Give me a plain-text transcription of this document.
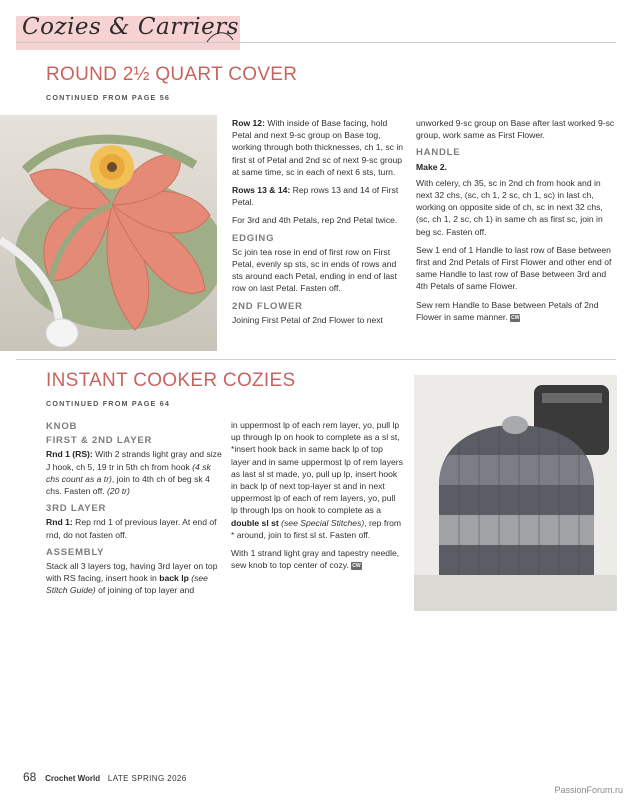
Cozies & Carriers
ROUND 2½ QUART COVER
CONTINUED FROM PAGE 56

Row 12: With inside of Base facing, hold Petal and next 9-sc group on Base tog, working through both thicknesses, ch 1, sc in first st of Petal and 2nd sc of next 9-sc group at same time, sc in each of next 6 sts, turn.

Rows 13 & 14: Rep rows 13 and 14 of First Petal.

For 3rd and 4th Petals, rep 2nd Petal twice.

EDGING

Sc join tea rose in end of first row on First Petal, evenly sp sts, sc in ends of rows and sts around each Petal, ending in end of last row on last Petal. Fasten off.

2ND FLOWER

Joining First Petal of 2nd Flower to next

unworked 9-sc group on Base after last worked 9-sc group, work same as First Flower.

HANDLE

Make 2.

With celery, ch 35, sc in 2nd ch from hook and in next 32 chs, (sc, ch 1, 2 sc, ch 1, sc) in last ch, working on opposite side of ch, sc in next 32 chs, (sc, ch 1, 2 sc, ch 1) in same ch as first sc, join in beg sc. Fasten off.

Sew 1 end of 1 Handle to last row of Base between first and 2nd Petals of First Flower and other end of same Handle to last row of Base between 3rd and 4th Petals of same Flower.

Sew rem Handle to Base between Petals of 2nd Flower in same manner. CW

INSTANT COOKER COZIES
CONTINUED FROM PAGE 64
KNOB
FIRST & 2ND LAYER

Rnd 1 (RS): With 2 strands light gray and size J hook, ch 5, 19 tr in 5th ch from hook (4 sk chs count as a tr), join to 4th ch of beg sk 4 chs. Fasten off. (20 tr)

3RD LAYER

Rnd 1: Rep rnd 1 of previous layer. At end of rnd, do not fasten off.

ASSEMBLY

Stack all 3 layers tog, having 3rd layer on top with RS facing, insert hook in back lp (see Stitch Guide) of joining of top layer and

in uppermost lp of each rem layer, yo, pull lp up through lp on hook to complete as a sl st, *insert hook back in same back lp of top layer and in same uppermost lp of rem layers as last sl st made, yo, pull up lp, insert hook in back lp of next top-layer st and in next uppermost lp of each of rem layers, yo, pull lp through lps on hook to complete as a double sl st (see Special Stitches), rep from * around, join to first sl st. Fasten off.

With 1 strand light gray and tapestry needle, sew knob to top center of cozy. CW

68 Crochet World LATE SPRING 2026
PassionForum.ru
